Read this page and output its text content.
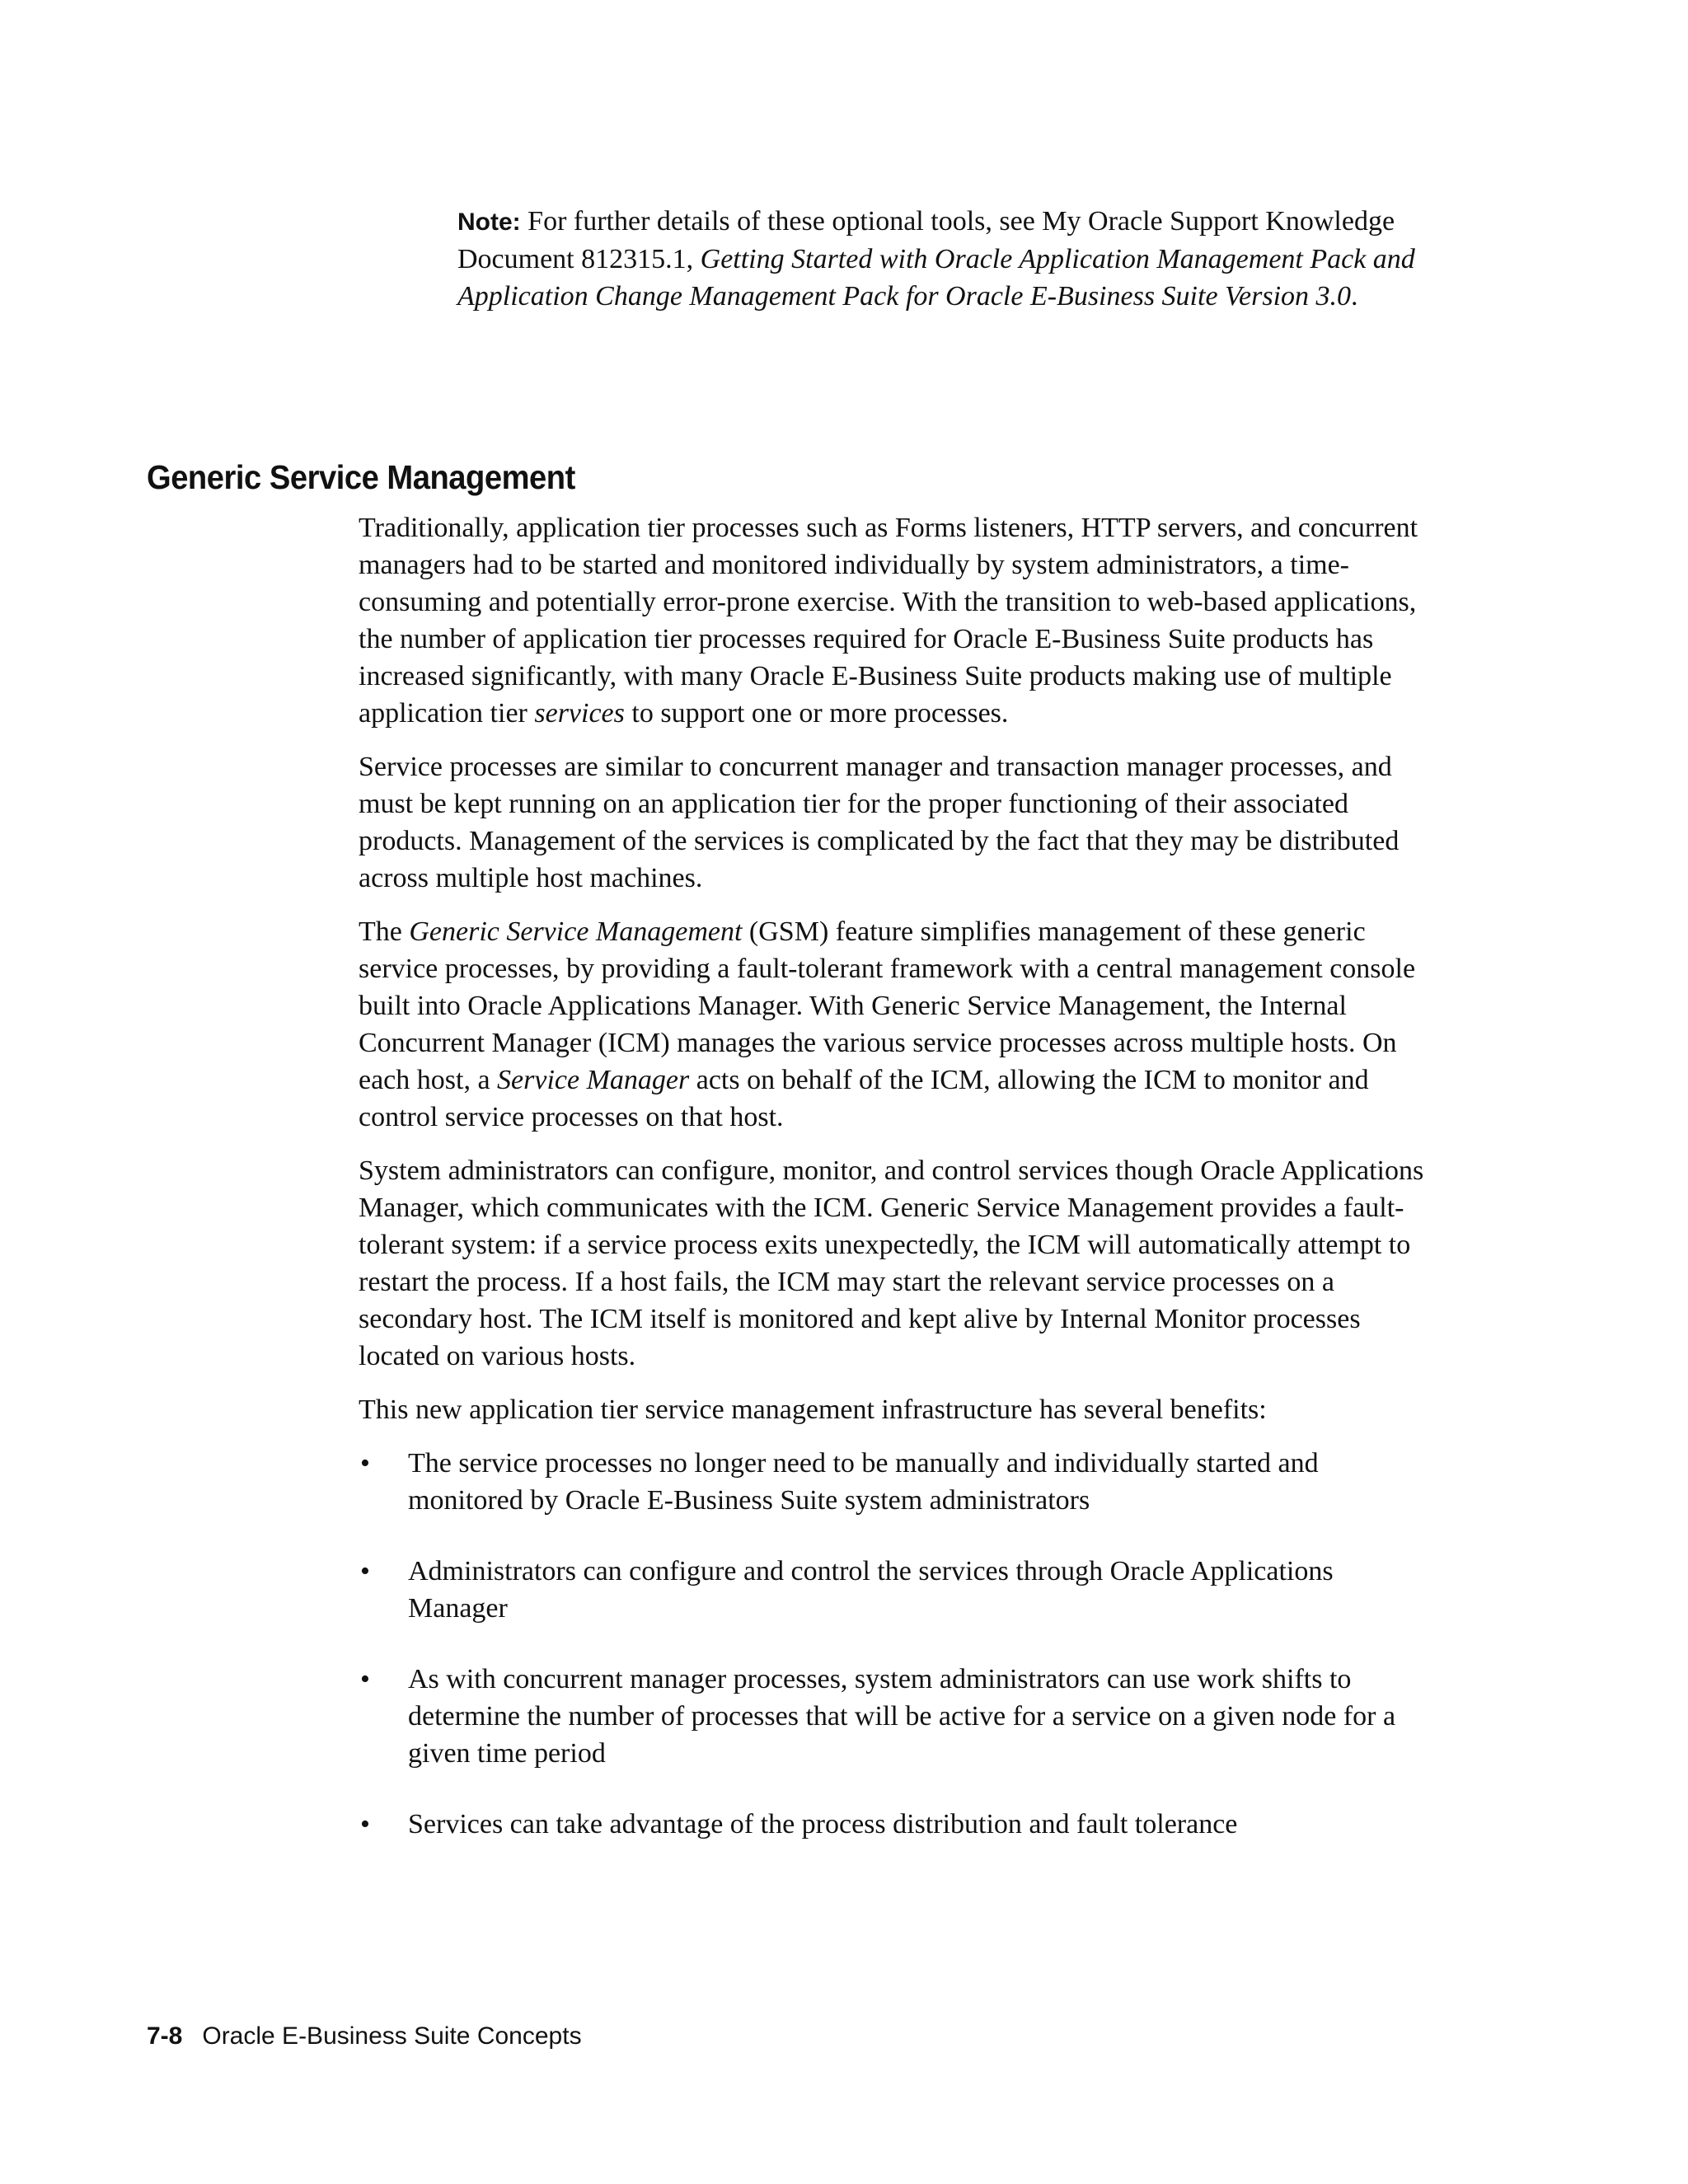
Note: For further details of these optional tools, see My Oracle Support Knowledge Document 812315.1, Getting Started with Oracle Application Management Pack and Application Change Management Pack for Oracle E-Business Suite Version 3.0.
Generic Service Management

Traditionally, application tier processes such as Forms listeners, HTTP servers, and concurrent managers had to be started and monitored individually by system administrators, a time-consuming and potentially error-prone exercise. With the transition to web-based applications, the number of application tier processes required for Oracle E-Business Suite products has increased significantly, with many Oracle E-Business Suite products making use of multiple application tier services to support one or more processes.

Service processes are similar to concurrent manager and transaction manager processes, and must be kept running on an application tier for the proper functioning of their associated products. Management of the services is complicated by the fact that they may be distributed across multiple host machines.

The Generic Service Management (GSM) feature simplifies management of these generic service processes, by providing a fault-tolerant framework with a central management console built into Oracle Applications Manager. With Generic Service Management, the Internal Concurrent Manager (ICM) manages the various service processes across multiple hosts. On each host, a Service Manager acts on behalf of the ICM, allowing the ICM to monitor and control service processes on that host.

System administrators can configure, monitor, and control services though Oracle Applications Manager, which communicates with the ICM. Generic Service Management provides a fault-tolerant system: if a service process exits unexpectedly, the ICM will automatically attempt to restart the process. If a host fails, the ICM may start the relevant service processes on a secondary host. The ICM itself is monitored and kept alive by Internal Monitor processes located on various hosts.

This new application tier service management infrastructure has several benefits:

• The service processes no longer need to be manually and individually started and monitored by Oracle E-Business Suite system administrators
• Administrators can configure and control the services through Oracle Applications Manager
• As with concurrent manager processes, system administrators can use work shifts to determine the number of processes that will be active for a service on a given node for a given time period
• Services can take advantage of the process distribution and fault tolerance
7-8 Oracle E-Business Suite Concepts
